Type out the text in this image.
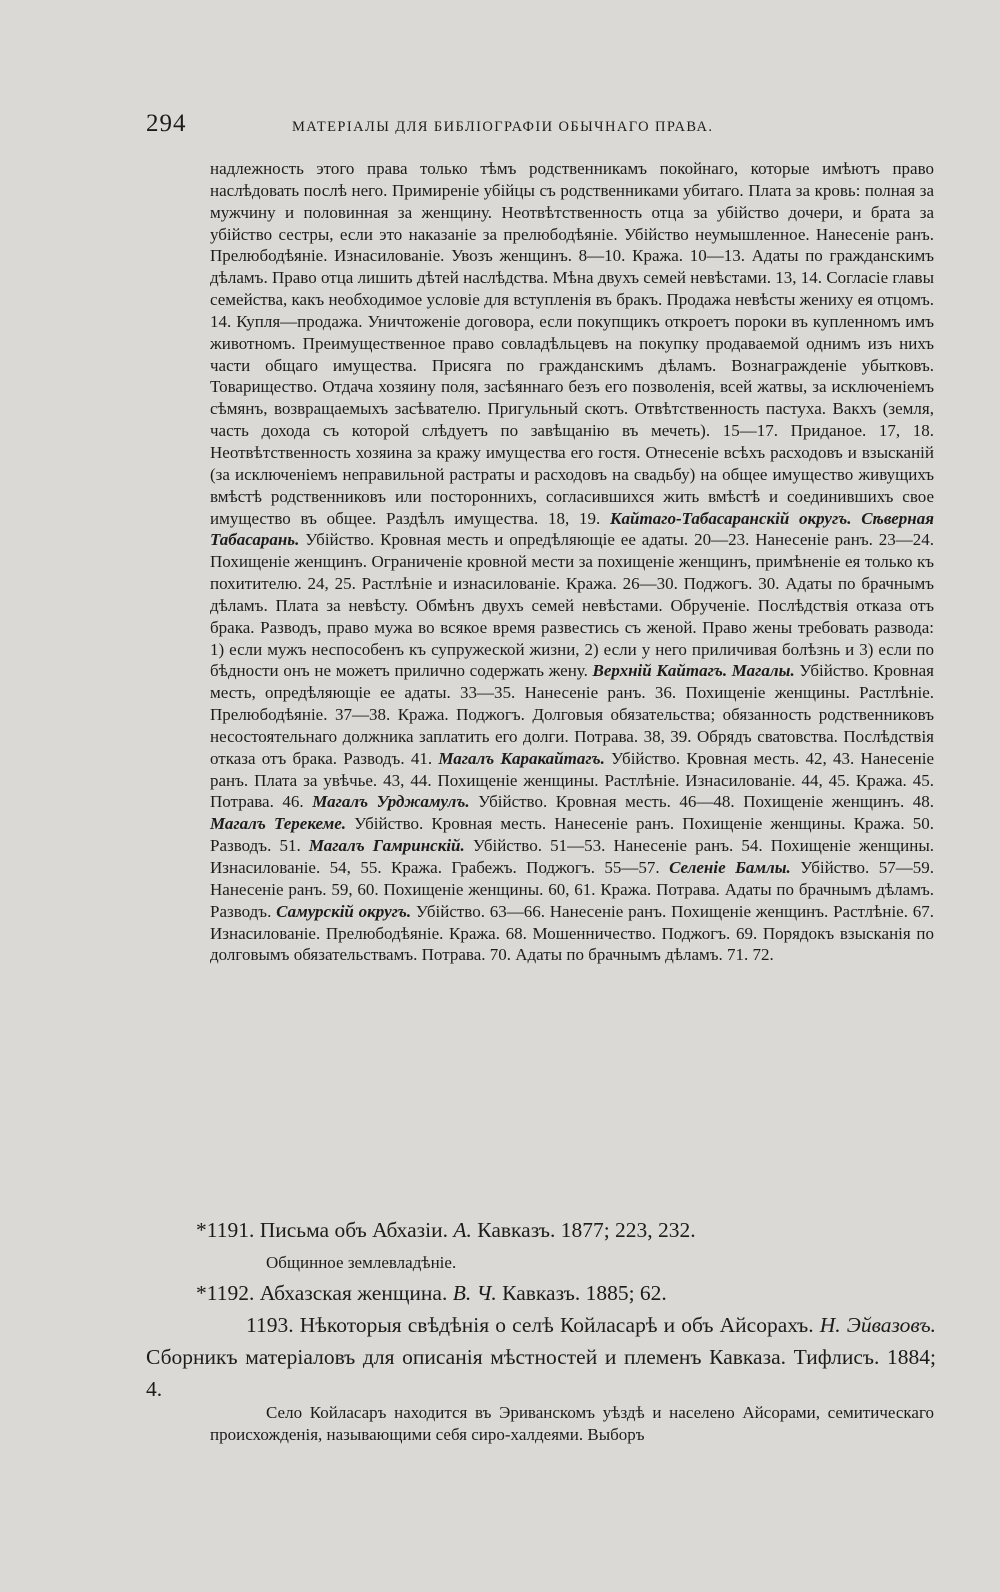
294	МАТЕРІАЛЫ ДЛЯ БИБЛІОГРАФІИ ОБЫЧНАГО ПРАВА.

надлежность этого права только тѣмъ родственникамъ покойнаго, которые имѣютъ право наслѣдовать послѣ него. Примиреніе убійцы съ родственниками убитаго. Плата за кровь: полная за мужчину и половинная за женщину. Неотвѣтственность отца за убійство дочери, и брата за убійство сестры, если это наказаніе за прелюбодѣяніе. Убійство неумышленное. Нанесеніе ранъ. Прелюбодѣяніе. Изнасилованіе. Увозъ женщинъ. 8—10. Кража. 10—13. Адаты по гражданскимъ дѣламъ. Право отца лишить дѣтей наслѣдства. Мѣна двухъ семей невѣстами. 13, 14. Согласіе главы семейства, какъ необходимое условіе для вступленія въ бракъ. Продажа невѣсты жениху ея отцомъ. 14. Купля—продажа. Уничтоженіе договора, если покупщикъ откроетъ пороки въ купленномъ имъ животномъ. Преимущественное право совладѣльцевъ на покупку продаваемой однимъ изъ нихъ части общаго имущества. Присяга по гражданскимъ дѣламъ. Вознагражденіе убытковъ. Товарищество. Отдача хозяину поля, засѣяннаго безъ его позволенія, всей жатвы, за исключеніемъ сѣмянъ, возвращаемыхъ засѣвателю. Пригульный скотъ. Отвѣтственность пастуха. Вакхъ (земля, часть дохода съ которой слѣдуетъ по завѣщанію въ мечеть). 15—17. Приданое. 17, 18. Неотвѣтственность хозяина за кражу имущества его гостя. Отнесеніе всѣхъ расходовъ и взысканій (за исключеніемъ неправильной растраты и расходовъ на свадьбу) на общее имущество живущихъ вмѣстѣ родственниковъ или постороннихъ, согласившихся жить вмѣстѣ и соединившихъ свое имущество въ общее. Раздѣлъ имущества. 18, 19. Кайтаго-Табасаранскій округъ. Сѣверная Табасарань. Убійство. Кровная месть и опредѣляющіе ее адаты. 20—23. Нанесеніе ранъ. 23—24. Похищеніе женщинъ. Ограниченіе кровной мести за похищеніе женщинъ, примѣненіе ея только къ похитителю. 24, 25. Растлѣніе и изнасилованіе. Кража. 26—30. Поджогъ. 30. Адаты по брачнымъ дѣламъ. Плата за невѣсту. Обмѣнъ двухъ семей невѣстами. Обрученіе. Послѣдствія отказа отъ брака. Разводъ, право мужа во всякое время развестись съ женой. Право жены требовать развода: 1) если мужъ неспособенъ къ супружеской жизни, 2) если у него приличивая болѣзнь и 3) если по бѣдности онъ не можетъ прилично содержать жену. Верхній Кайтагъ. Магалы. Убійство. Кровная месть, опредѣляющіе ее адаты. 33—35. Нанесеніе ранъ. 36. Похищеніе женщины. Растлѣніе. Прелюбодѣяніе. 37—38. Кража. Поджогъ. Долговыя обязательства; обязанность родственниковъ несостоятельнаго должника заплатить его долги. Потрава. 38, 39. Обрядъ сватовства. Послѣдствія отказа отъ брака. Разводъ. 41. Магалъ Каракайтагъ. Убійство. Кровная месть. 42, 43. Нанесеніе ранъ. Плата за увѣчье. 43, 44. Похищеніе женщины. Растлѣніе. Изнасилованіе. 44, 45. Кража. 45. Потрава. 46. Магалъ Урджамулъ. Убійство. Кровная месть. 46—48. Похищеніе женщинъ. 48. Магалъ Терекеме. Убійство. Кровная месть. Нанесеніе ранъ. Похищеніе женщины. Кража. 50. Разводъ. 51. Магалъ Гамринскій. Убійство. 51—53. Нанесеніе ранъ. 54. Похищеніе женщины. Изнасилованіе. 54, 55. Кража. Грабежъ. Поджогъ. 55—57. Селеніе Бамлы. Убійство. 57—59. Нанесеніе ранъ. 59, 60. Похищеніе женщины. 60, 61. Кража. Потрава. Адаты по брачнымъ дѣламъ. Разводъ. Самурскій округъ. Убійство. 63—66. Нанесеніе ранъ. Похищеніе женщинъ. Растлѣніе. 67. Изнасилованіе. Прелюбодѣяніе. Кража. 68. Мошенничество. Поджогъ. 69. Порядокъ взысканія по долговымъ обязательствамъ. Потрава. 70. Адаты по брачнымъ дѣламъ. 71. 72.

*1191. Письма объ Абхазіи. А. Кавказъ. 1877; 223, 232.
Общинное землевладѣніе.
*1192. Абхазская женщина. В. Ч. Кавказъ. 1885; 62.
1193. Нѣкоторыя свѣдѣнія о селѣ Койласарѣ и объ Айсорахъ. Н. Эйвазовъ. Сборникъ матеріаловъ для описанія мѣстностей и племенъ Кавказа. Тифлисъ. 1884; 4.
Село Койласаръ находится въ Эриванскомъ уѣздѣ и населено Айсорами, семитическаго происхожденія, называющими себя сиро-халдеями. Выборъ
